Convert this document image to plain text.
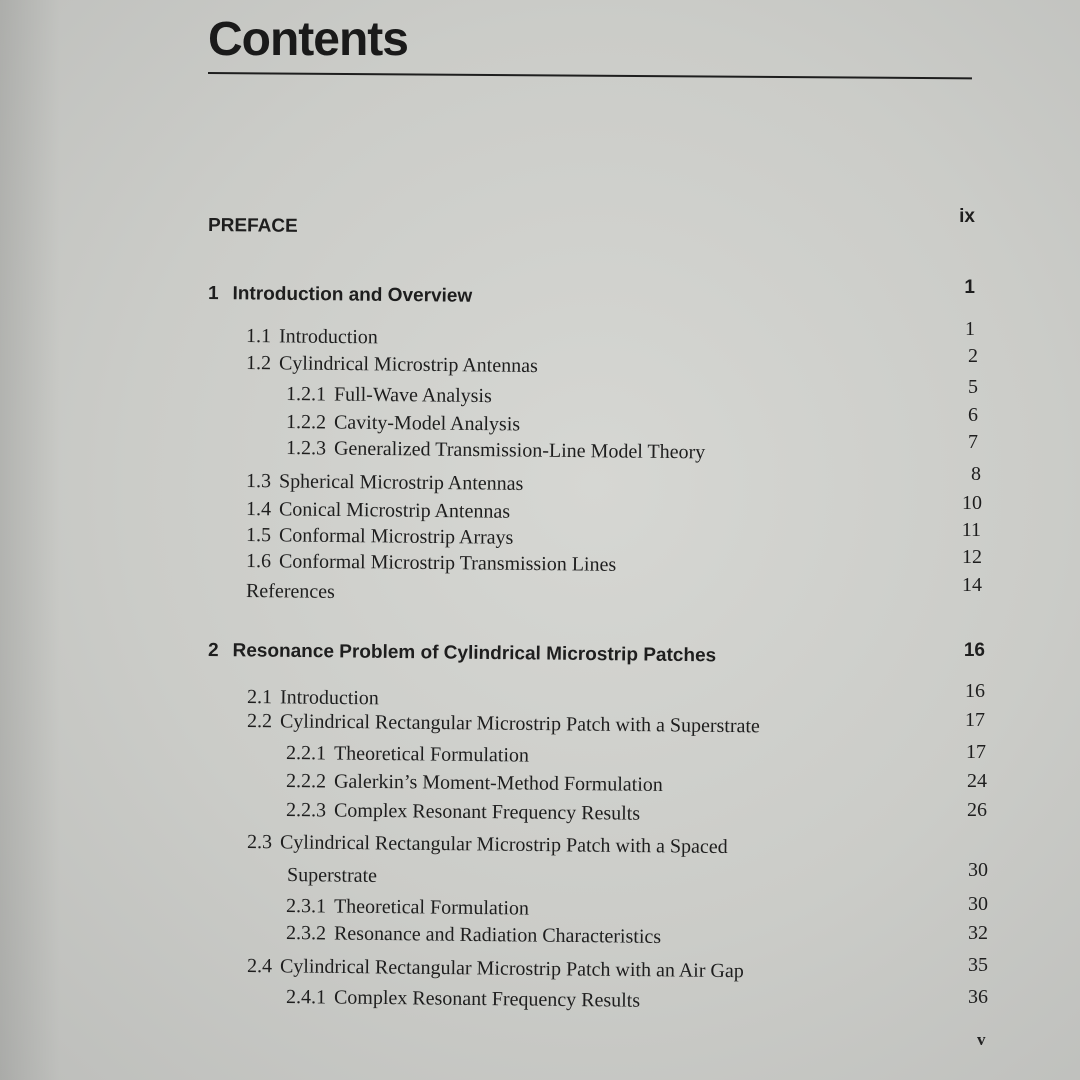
Contents
PREFACE	ix
1 Introduction and Overview	1
1.1 Introduction	1
1.2 Cylindrical Microstrip Antennas	2
1.2.1 Full-Wave Analysis	5
1.2.2 Cavity-Model Analysis	6
1.2.3 Generalized Transmission-Line Model Theory	7
1.3 Spherical Microstrip Antennas	8
1.4 Conical Microstrip Antennas	10
1.5 Conformal Microstrip Arrays	11
1.6 Conformal Microstrip Transmission Lines	12
References	14
2 Resonance Problem of Cylindrical Microstrip Patches	16
2.1 Introduction	16
2.2 Cylindrical Rectangular Microstrip Patch with a Superstrate	17
2.2.1 Theoretical Formulation	17
2.2.2 Galerkin’s Moment-Method Formulation	24
2.2.3 Complex Resonant Frequency Results	26
2.3 Cylindrical Rectangular Microstrip Patch with a Spaced
Superstrate	30
2.3.1 Theoretical Formulation	30
2.3.2 Resonance and Radiation Characteristics	32
2.4 Cylindrical Rectangular Microstrip Patch with an Air Gap	35
2.4.1 Complex Resonant Frequency Results	36
v
